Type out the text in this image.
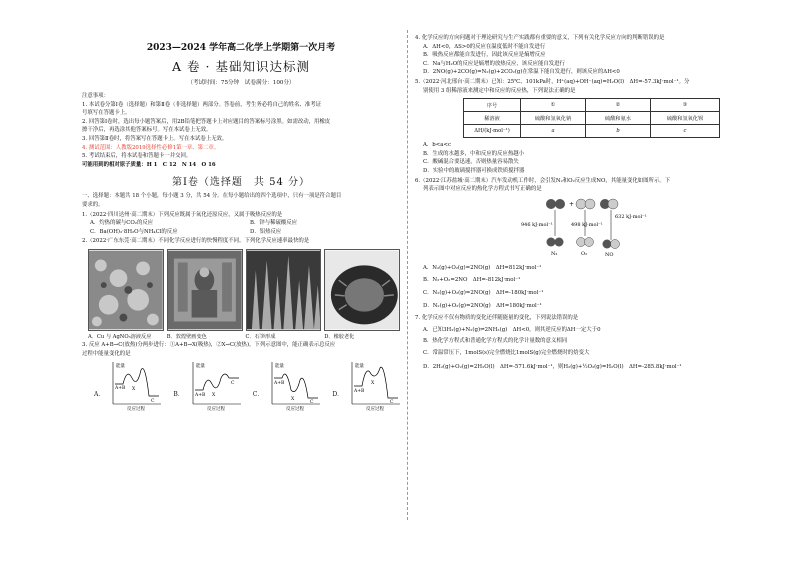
2023—2024 学年高二化学上学期第一次月考
A 卷 · 基础知识达标测
（考试时间：75分钟　试卷满分：100分）
注意事项：
1. 本试卷分第Ⅰ卷（选择题）和第Ⅱ卷（非选择题）两部分。答卷前，考生务必将自己的姓名、准考证
号填写在答题卡上。
2. 回答第Ⅰ卷时，选出每小题答案后，用2B铅笔把答题卡上对应题目的答案标号涂黑。如需改动，用橡皮
擦干净后，再选涂其他答案标号。写在本试卷上无效。
3. 回答第Ⅱ卷时，将答案写在答题卡上。写在本试卷上无效。
4. 测试范围：人教版2019选择性必修1第一章、第二章。
5. 考试结束后，将本试卷和答题卡一并交回。
可能用到的相对原子质量：H 1　C 12　N 14　O 16
第Ⅰ卷（选择题　共 54 分）
一、选择题：本题共 18 个小题，每小题 3 分，共 54 分。在每小题给出的四个选项中，只有一项是符合题目
要求的。
1.（2022·四川达州·高二期末）下列反应既属于氧化还原反应，又属于吸热反应的是
A．灼热的碳与CO₂的反应	B．锌与稀硫酸反应
C．Ba(OH)₂·8H₂O与NH₄Cl的反应	D．铝热反应
2.（2022·广东东莞·高二期末）不同化学反应进行的快慢程度不同。下列化学反应速率最快的是
A．Cu 与 AgNO₃溶液反应	B．敦煌壁画变色	C．石笋形成	D．橡胶老化
3. 反应 A+B→C(放热)分两步进行：①A+B→X(吸热)，②X→C(放热)。下列示意图中，能正确表示总反应
过程中能量变化的是
A．
能量
A+B X
C
反应过程
B．
能量
A+B X
C
反应过程
C．
能量
A+B
X
C
反应过程
D．
能量
A+B
X
C
反应过程
4. 化学反应的方向问题对于理论研究与生产实践都有重要的意义，下列有关化学反应方向的判断错误的是
A．ΔH<0，ΔS>0的反应在温度低时不能自发进行
B．吸热反应都能自发进行，因此该反应是熵增反应
C．Na与H₂O的反应是熵增的放热反应，该反应能自发进行
D．2NO(g)+2CO(g)=N₂(g)+2CO₂(g)在常温下能自发进行，则该反应的ΔH<0
5.（2022·河北邢台·高二期末）已知：25℃、101kPa时，H⁺(aq)+OH⁻(aq)=H₂O(l)　ΔH=-57.3kJ·mol⁻¹。分
别使用 3 组稀溶液来测定中和反应的反应热，下列说法正确的是
序号	①	②	③
稀溶液	硫酸和氢氧化钠	硫酸和氨水	硫酸和氢氧化钡
ΔH/(kJ·mol⁻¹)	a	b	c
A．b<a<c
B．生成的水越多，中和反应的反应热越小
C．酸碱混合要迅速，否则热量容易散失
D．实验中的玻璃搅拌器可换成铁质搅拌器
6.（2022·江苏盐城·高二期末）汽车发动机工作时，会引发N₂和O₂反应生成NO，其能量变化如图所示。下
列表示图中对应反应的热化学方程式书写正确的是
+
946 kJ·mol⁻¹	498 kJ·mol⁻¹
632 kJ·mol⁻¹
N₂	O₂	NO
A．N₂(g)+O₂(g)=2NO(g)　ΔH=812kJ·mol⁻¹
B．N₂+O₂=2NO　ΔH=-812kJ·mol⁻¹
C．N₂(g)+O₂(g)=2NO(g)　ΔH=-180kJ·mol⁻¹
D．N₂(g)+O₂(g)=2NO(g)　ΔH=180kJ·mol⁻¹
7. 化学反应不仅有物质的变化还伴随能量的变化，下列说法错误的是
A．已知3H₂(g)+N₂(g)⇌2NH₃(g)　ΔH<0，则其逆反应的ΔH一定大于0
B．热化学方程式和普通化学方程式的化学计量数的意义相同
C．常温常压下，1molS(s)完全燃烧比1molS(g)完全燃烧时的焓变大
D．2H₂(g)+O₂(g)=2H₂O(l)　ΔH=-571.6kJ·mol⁻¹，则H₂(g)+½O₂(g)=H₂O(l)　ΔH=-285.8kJ·mol⁻¹
